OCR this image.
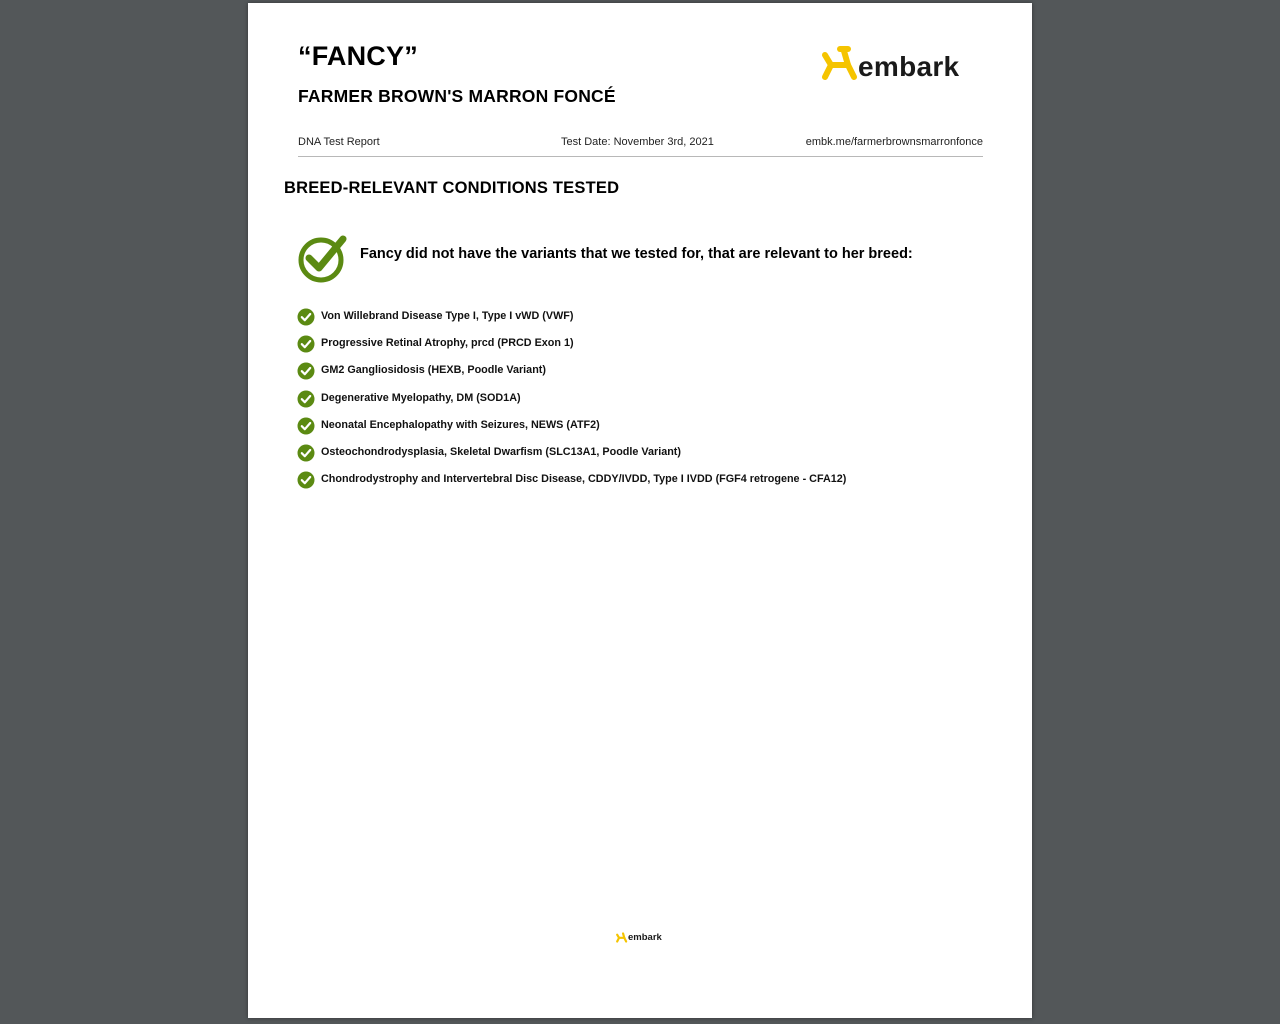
“FANCY”
FARMER BROWN'S MARRON FONCÉ
embark
DNA Test Report	Test Date: November 3rd, 2021	embk.me/farmerbrownsmarronfonce
BREED-RELEVANT CONDITIONS TESTED

Fancy did not have the variants that we tested for, that are relevant to her breed:

Von Willebrand Disease Type I, Type I vWD (VWF)
Progressive Retinal Atrophy, prcd (PRCD Exon 1)
GM2 Gangliosidosis (HEXB, Poodle Variant)
Degenerative Myelopathy, DM (SOD1A)
Neonatal Encephalopathy with Seizures, NEWS (ATF2)
Osteochondrodysplasia, Skeletal Dwarfism (SLC13A1, Poodle Variant)
Chondrodystrophy and Intervertebral Disc Disease, CDDY/IVDD, Type I IVDD (FGF4 retrogene - CFA12)
embark
